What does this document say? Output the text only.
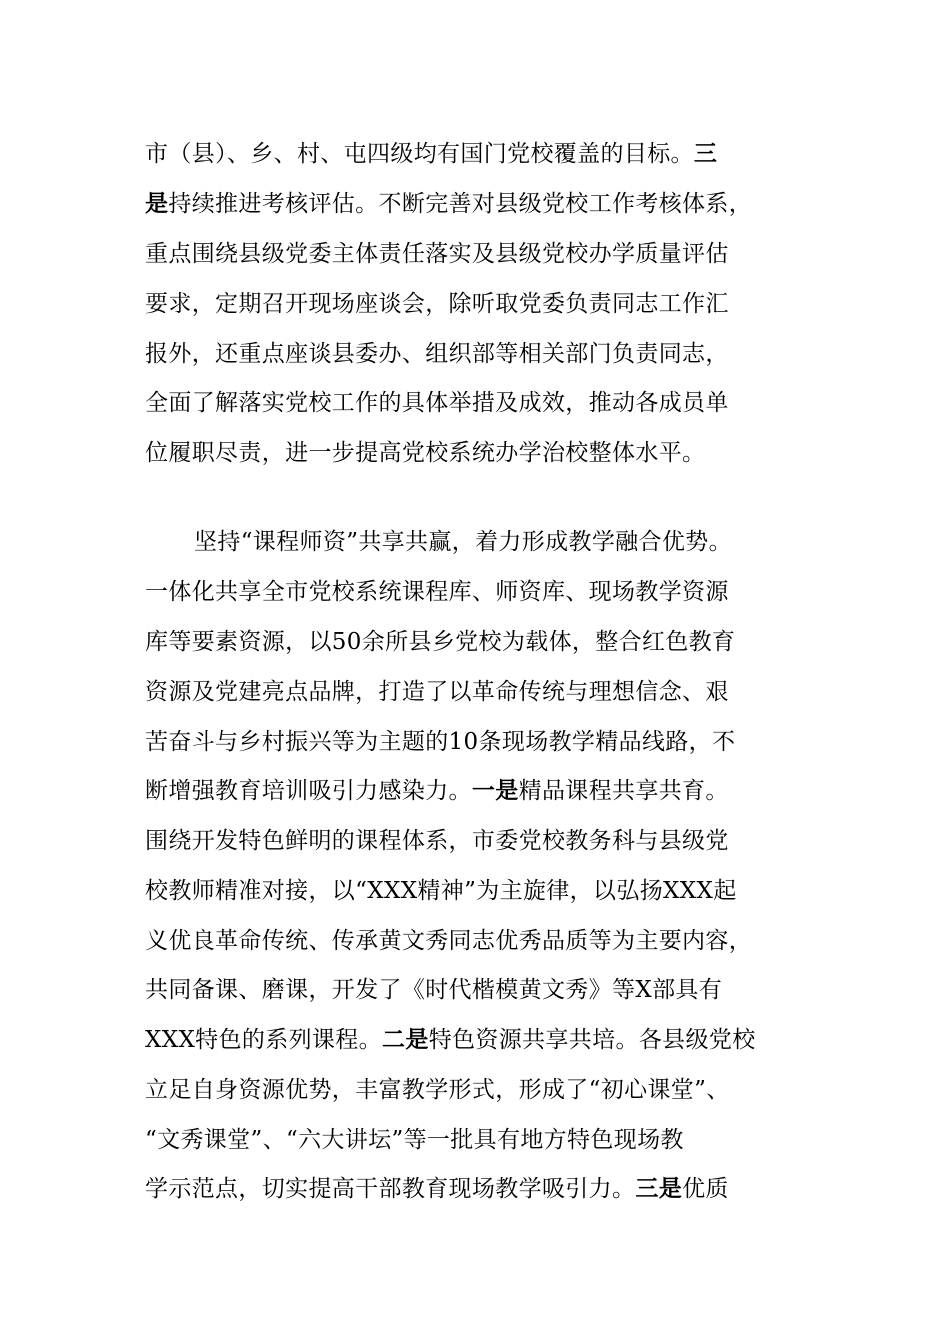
市（县）、乡、村、屯四级均有国门党校覆盖的目标。三
是持续推进考核评估。不断完善对县级党校工作考核体系，
重点围绕县级党委主体责任落实及县级党校办学质量评估
要求，定期召开现场座谈会，除听取党委负责同志工作汇
报外，还重点座谈县委办、组织部等相关部门负责同志，
全面了解落实党校工作的具体举措及成效，推动各成员单
位履职尽责，进一步提高党校系统办学治校整体水平。
坚持“课程师资”共享共赢，着力形成教学融合优势。
一体化共享全市党校系统课程库、师资库、现场教学资源
库等要素资源，以50余所县乡党校为载体，整合红色教育
资源及党建亮点品牌，打造了以革命传统与理想信念、艰
苦奋斗与乡村振兴等为主题的10条现场教学精品线路，不
断增强教育培训吸引力感染力。一是精品课程共享共育。
围绕开发特色鲜明的课程体系，市委党校教务科与县级党
校教师精准对接，以“XXX精神”为主旋律，以弘扬XXX起
义优良革命传统、传承黄文秀同志优秀品质等为主要内容，
共同备课、磨课，开发了《时代楷模黄文秀》等X部具有
XXX特色的系列课程。二是特色资源共享共培。各县级党校
立足自身资源优势，丰富教学形式，形成了“初心课堂”、
“文秀课堂”、“六大讲坛”等一批具有地方特色现场教
学示范点，切实提高干部教育现场教学吸引力。三是优质
